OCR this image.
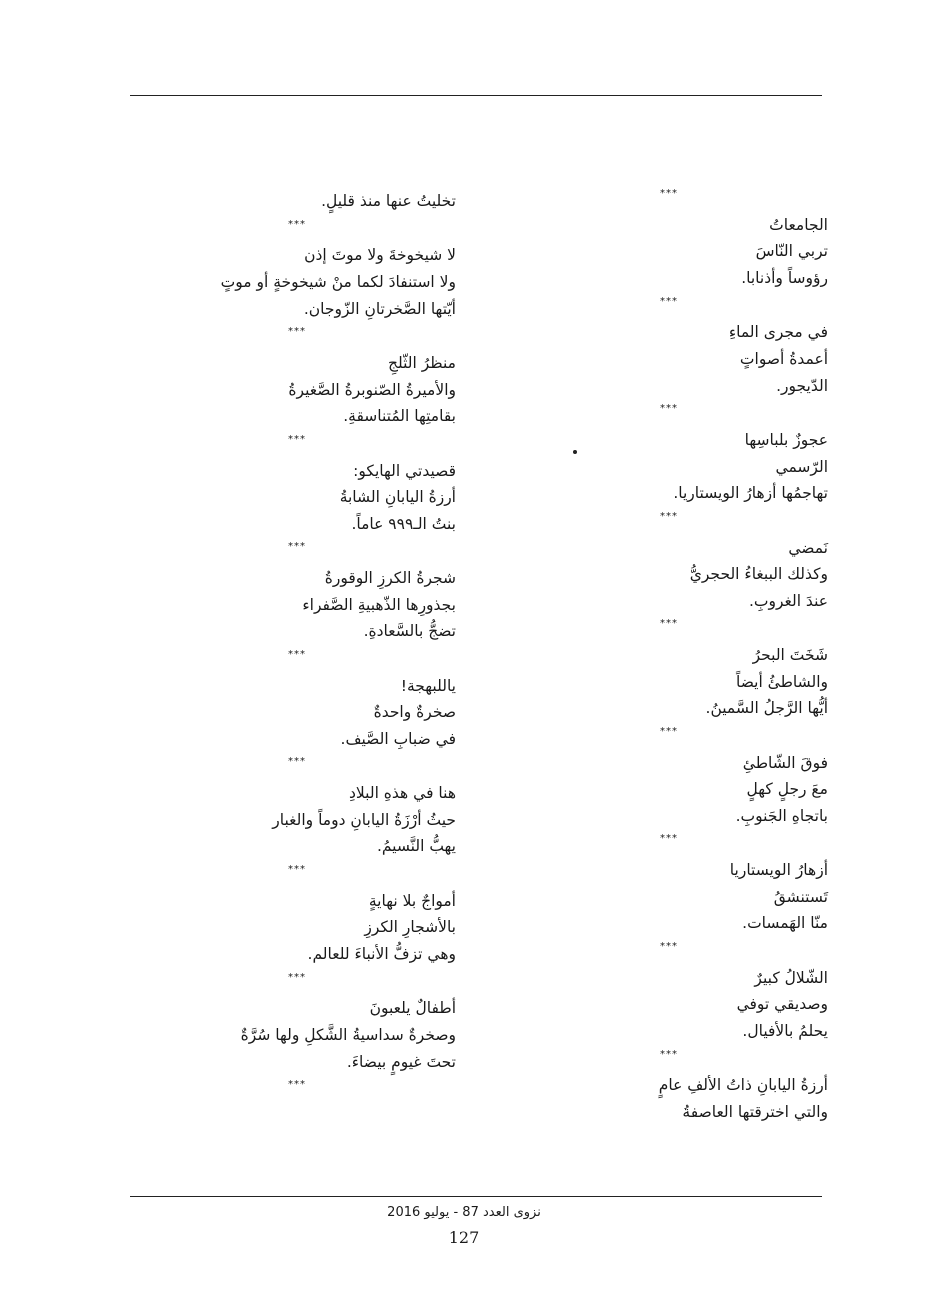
***
الجامعاتُ
تربي النّاسَ
رؤوساً وأذنابا.
***
في مجرى الماءِ
أعمدةُ أصواتٍ
الدّيجور.
***
عجوزٌ بلباسِها
الرّسمي
تهاجمُها أزهارُ الويستاريا.
***
نَمضي
وكذلك الببغاءُ الحجريُّ
عندَ الغروبِ.
***
شَخَتَ البحرُ
والشاطئُ أيضاً
أيُّها الرَّجلُ السَّمينُ.
***
فوقَ الشّاطئِ
معَ رجلٍ كهلٍ
باتجاهِ الجَنوبِ.
***
أزهارُ الويستاريا
تَستنشقُ
منّا الهَمسات.
***
الشّلالُ كبيرٌ
وصديقي توفي
يحلمُ بالأفيال.
***
أرزةُ اليابانِ ذاتُ الألفِ عامٍ
والتي اخترقتها العاصفةُ
تخليتُ عنها منذ قليلٍ.
***
لا شيخوخةَ ولا موتَ إذن
ولا استنفادَ لكما منْ شيخوخةٍ أو موتٍ
أيّتها الصَّخرتانِ الزّوجان.
***
منظرُ الثّلجِ
والأميرةُ الصّنوبرةُ الصَّغيرةُ
بقامتِها المُتناسقةِ.
***
قصيدتي الهايكو:
أرزةُ اليابانِ الشابةُ
بنتُ الـ٩٩٩ عاماً.
***
شجرةُ الكرزِ الوقورةُ
بجذورِها الذّهبيةِ الصَّفراء
تضجُّ بالسَّعادةِ.
***
ياللبهجة!
صخرةٌ واحدةٌ
في ضبابِ الصَّيف.
***
هنا في هذهِ البلادِ
حيثُ أرْزَةُ اليابانِ دوماً والغبار
يهبُّ النَّسيمُ.
***
أمواجٌ بلا نهايةٍ
بالأشجارِ الكرزِ
وهي تزفُّ الأنباءَ للعالم.
***
أطفالٌ يلعبونَ
وصخرةٌ سداسيةُ الشَّكلِ ولها سُرَّةٌ
تحتَ غيومٍ بيضاءَ.
***
نزوى العدد 87 - يوليو 2016
127
